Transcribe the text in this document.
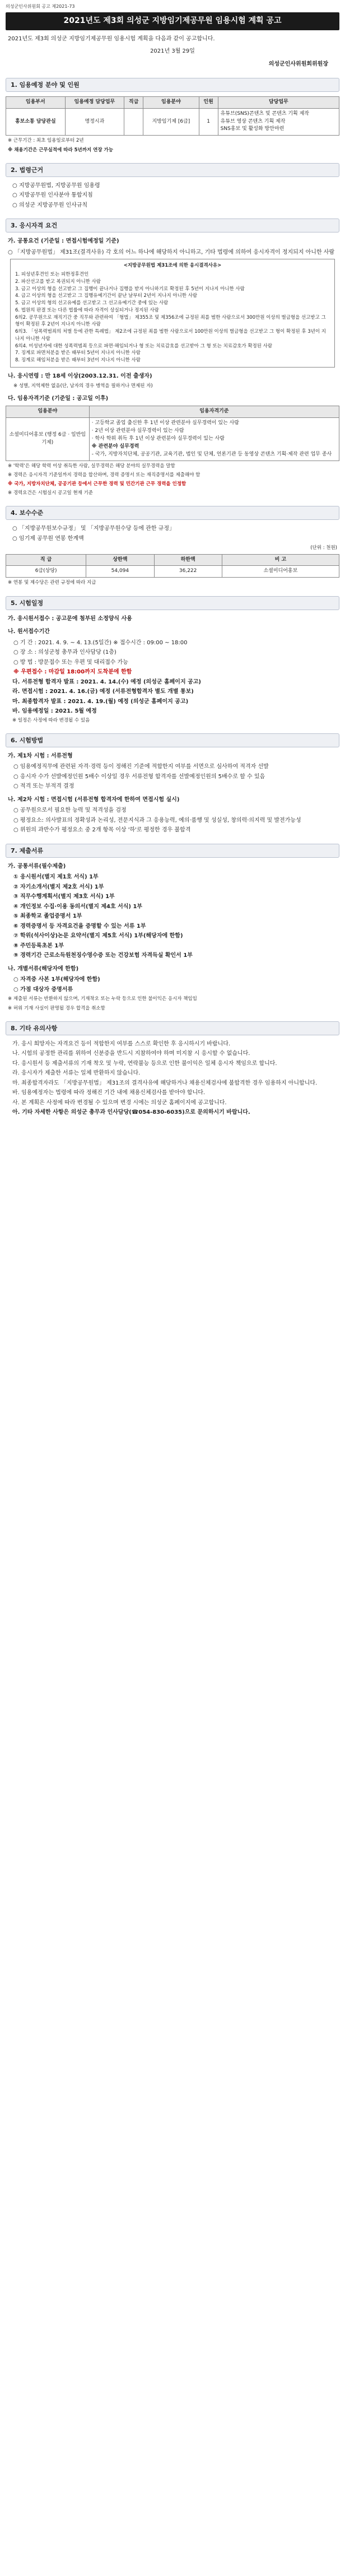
의성군인사위원회 공고 제2021-73
2021년도 제3회 의성군 지방임기제공무원 임용시험 계획 공고
2021년도 제3회 의성군 지방임기제공무원 임용시험 계획을 다음과 같이 공고합니다.
2021년 3월 29일
의성군인사위원회위원장
1. 임용예정 분야 및 인원
임용부서	임용예정 담당업무	직급	임용분야	인원	담당업무
홍보소통 담당관실	명정시과		지방임기제 [6급]	1	유튜브(SNS)콘텐츠 및 콘텐츠 기획 제작
유튜브 영상 콘텐츠 기획 제작
SNS홍보 및 활성화 방안마련
※ 근무기간 : 최초 임용일로부터 2년
※ 채용기간은 근무실적에 따라 5년까지 연장 가능
2. 법령근거
○ 지방공무원법, 지방공무원 임용령
○ 지방공무원 인사분야 통합지침
○ 의성군 지방공무원 인사규칙
3. 응시자격 요건
가. 공통요건 (기준일 : 면접시험예정일 기준)
○ 「지방공무원법」 제31조(결격사유) 각 호의 어느 하나에 해당하지 아니하고, 기타 법령에 의하여 응시자격이 정지되지 아니한 사람
<지방공무원법 제31조에 의한 응시결격사유>
1. 피성년후견인 또는 피한정후견인
2. 파산선고를 받고 복권되지 아니한 사람
3. 금고 이상의 형을 선고받고 그 집행이 끝나거나 집행을 받지 아니하기로 확정된 후 5년이 지나지 아니한 사람
4. 금고 이상의 형을 선고받고 그 집행유예기간이 끝난 날부터 2년이 지나지 아니한 사람
5. 금고 이상의 형의 선고유예를 선고받고 그 선고유예기간 중에 있는 사람
6. 법원의 판결 또는 다른 법률에 따라 자격이 상실되거나 정지된 사람
6의2. 공무원으로 재직기간 중 직무와 관련하여 「형법」 제355조 및 제356조에 규정된 죄를 범한 사람으로서 300만원 이상의 벌금형을 선고받고 그 형이 확정된 후 2년이 지나지 아니한 사람
6의3. 「성폭력범죄의 처벌 등에 관한 특례법」 제2조에 규정된 죄를 범한 사람으로서 100만원 이상의 벌금형을 선고받고 그 형이 확정된 후 3년이 지나지 아니한 사람
6의4. 미성년자에 대한 성폭력범죄 등으로 파면·해임되거나 형 또는 치료감호를 선고받아 그 형 또는 치료감호가 확정된 사람
7. 징계로 파면처분을 받은 때부터 5년이 지나지 아니한 사람
8. 징계로 해임처분을 받은 때부터 3년이 지나지 아니한 사람
나. 응시연령 : 만 18세 이상(2003.12.31. 이전 출생자)
※ 성별, 지역제한 없음(단, 남자의 경우 병역을 필하거나 면제된 자)
다. 임용자격기준 (기준일 : 공고일 이후)
임용분야	임용자격기준
소셜미디어홍보 (행정 6급 · 일반임기제)	· 고등학교 졸업 출신한 후 1년 이상 관련분야 실무경력이 있는 사람
· 2년 이상 관련분야 실무경력이 있는 사람
· 학사 학위 취득 후 1년 이상 관련분야 실무경력이 있는 사람
※ 관련분야 실무경력
- 국가, 지방자치단체, 공공기관, 교육기관, 법인 및 단체, 언론기관 등 동영상 콘텐츠 기획·제작 관련 업무 종사
※ '학력'은 해당 학력 이상 취득한 사람, 실무경력은 해당 분야의 실무경력을 말함
※ 경력은 응시자격 기준일까지 경력을 합산하며, 경력 증명서 또는 재직증명서를 제출해야 함
※ 국가, 지방자치단체, 공공기관 등에서 근무한 경력 및 민간기관 근무 경력을 인정함
※ 경력요건은 시험실시 공고일 현재 기준
4. 보수수준
○ 「지방공무원보수규정」 및 「지방공무원수당 등에 관한 규정」
○ 임기제 공무원 연봉 한계액
(단위 : 천원)
직 급	상한액	하한액	비 고
6급(상당)	54,094	36,222	소셜미디어홍보
※ 연봉 및 제수당은 관련 규정에 따라 지급
5. 시험일정
가. 응시원서접수 : 공고문에 첨부된 소정양식 사용
나. 원서접수기간
○ 기 간 : 2021. 4. 9. ~ 4. 13.(5일간) ※ 접수시간 : 09:00 ~ 18:00
○ 장 소 : 의성군청 총무과 인사담당 (1층)
○ 방 법 : 방문접수 또는 우편 및 대리접수 가능
※ 우편접수 : 마감일 18:00까지 도착분에 한함
다. 서류전형 합격자 발표 : 2021. 4. 14.(수) 예정 (의성군 홈페이지 공고)
라. 면접시험 : 2021. 4. 16.(금) 예정 (서류전형합격자 별도 개별 통보)
마. 최종합격자 발표 : 2021. 4. 19.(월) 예정 (의성군 홈페이지 공고)
바. 임용예정일 : 2021. 5월 예정
※ 일정은 사정에 따라 변경될 수 있음
6. 시험방법
가. 제1차 시험 : 서류전형
○ 임용예정직무에 관련된 자격·경력 등이 정해진 기준에 적합한지 여부를 서면으로 심사하여 적격자 선발
○ 응시자 수가 선발예정인원 5배수 이상일 경우 서류전형 합격자를 선발예정인원의 5배수로 할 수 있음
○ 적격 또는 부적격 결정
나. 제2차 시험 : 면접시험 (서류전형 합격자에 한하여 면접시험 실시)
○ 공무원으로서 필요한 능력 및 적격성을 검정
○ 평정요소: 의사발표의 정확성과 논리성, 전문지식과 그 응용능력, 예의·품행 및 성실성, 창의력·의지력 및 발전가능성
○ 위원의 과반수가 평정요소 중 2개 항목 이상 '하'로 평정한 경우 불합격
7. 제출서류
가. 공통서류(필수제출)
① 응시원서(별지 제1호 서식) 1부
② 자기소개서(별지 제2호 서식) 1부
③ 직무수행계획서(별지 제3호 서식) 1부
④ 개인정보 수집·이용 동의서(별지 제4호 서식) 1부
⑤ 최종학교 졸업증명서 1부
⑥ 경력증명서 등 자격요건을 증명할 수 있는 서류 1부
⑦ 학위(석사이상)논문 요약서(별지 제5호 서식) 1부(해당자에 한함)
⑧ 주민등록초본 1부
⑨ 경력기간 근로소득원천징수영수증 또는 건강보험 자격득실 확인서 1부
나. 개별서류(해당자에 한함)
○ 자격증 사본 1부(해당자에 한함)
○ 가점 대상자 증명서류
※ 제출된 서류는 반환하지 않으며, 기재착오 또는 누락 등으로 인한 불이익은 응시자 책임임
※ 허위 기재 사실이 판명될 경우 합격을 취소함
8. 기타 유의사항
가. 응시 희망자는 자격요건 등이 적합한지 여부를 스스로 확인한 후 응시하시기 바랍니다.
나. 시험의 공정한 관리를 위하여 신분증을 반드시 지참하여야 하며 미지참 시 응시할 수 없습니다.
다. 응시원서 등 제출서류의 기재 착오 및 누락, 연락불능 등으로 인한 불이익은 일체 응시자 책임으로 합니다.
라. 응시자가 제출한 서류는 일체 반환하지 않습니다.
마. 최종합격자라도 「지방공무원법」 제31조의 결격사유에 해당하거나 채용신체검사에 불합격한 경우 임용하지 아니합니다.
바. 임용예정자는 법령에 따라 정해진 기간 내에 채용신체검사를 받아야 합니다.
사. 본 계획은 사정에 따라 변경될 수 있으며 변경 시에는 의성군 홈페이지에 공고합니다.
아. 기타 자세한 사항은 의성군 총무과 인사담당(☎054-830-6035)으로 문의하시기 바랍니다.
